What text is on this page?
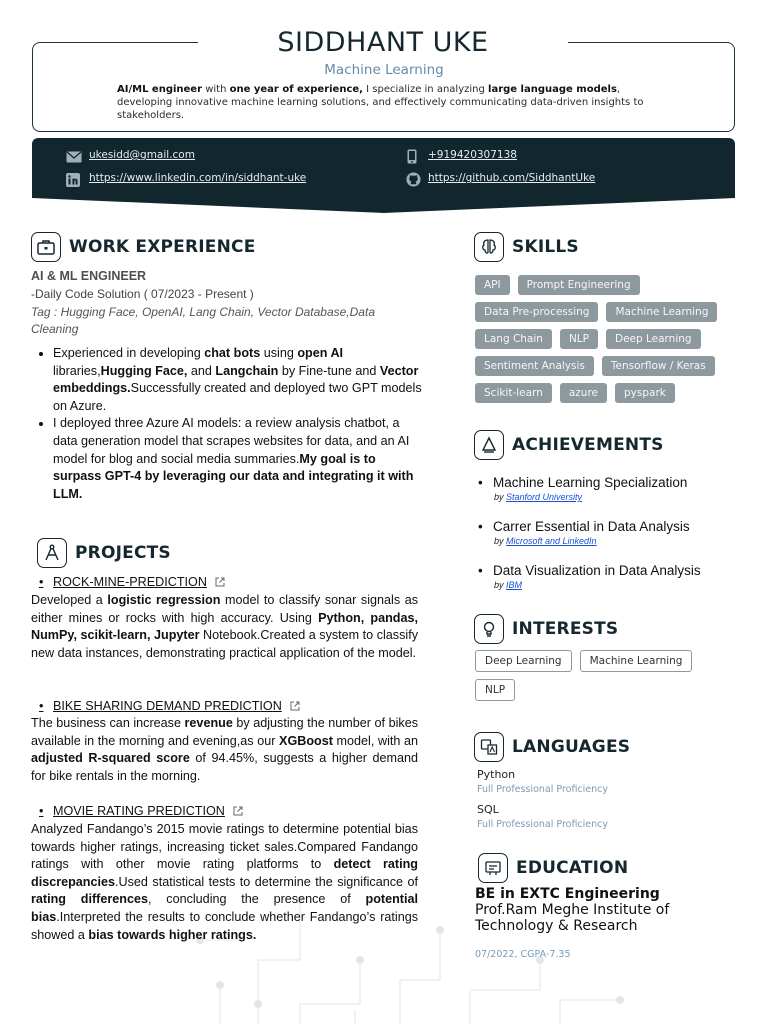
SIDDHANT UKE
Machine Learning
AI/ML engineer with one year of experience, I specialize in analyzing large language models, developing innovative machine learning solutions, and effectively communicating data-driven insights to stakeholders.
ukesidd@gmail.com	+919420307138
https://www.linkedin.com/in/siddhant-uke	https://github.com/SiddhantUke
WORK EXPERIENCE
AI & ML ENGINEER
-Daily Code Solution ( 07/2023 - Present )
Tag : Hugging Face, OpenAI, Lang Chain, Vector Database,Data Cleaning
• Experienced in developing chat bots using open AI libraries,Hugging Face, and Langchain by Fine-tune and Vector embeddings.Successfully created and deployed two GPT models on Azure.
• I deployed three Azure AI models: a review analysis chatbot, a data generation model that scrapes websites for data, and an AI model for blog and social media summaries.My goal is to surpass GPT-4 by leveraging our data and integrating it with LLM.
PROJECTS
• ROCK-MINE-PREDICTION
Developed a logistic regression model to classify sonar signals as either mines or rocks with high accuracy. Using Python, pandas, NumPy, scikit-learn, Jupyter Notebook.Created a system to classify new data instances, demonstrating practical application of the model.
• BIKE SHARING DEMAND PREDICTION
The business can increase revenue by adjusting the number of bikes available in the morning and evening,as our XGBoost model, with an adjusted R-squared score of 94.45%, suggests a higher demand for bike rentals in the morning.
• MOVIE RATING PREDICTION
Analyzed Fandango’s 2015 movie ratings to determine potential bias towards higher ratings, increasing ticket sales.Compared Fandango ratings with other movie rating platforms to detect rating discrepancies.Used statistical tests to determine the significance of rating differences, concluding the presence of potential bias.Interpreted the results to conclude whether Fandango’s ratings showed a bias towards higher ratings.
SKILLS
API	Prompt Engineering
Data Pre-processing	Machine Learning
Lang Chain	NLP	Deep Learning
Sentiment Analysis	Tensorflow / Keras
Scikit-learn	azure	pyspark
ACHIEVEMENTS
• Machine Learning Specialization
by Stanford University
• Carrer Essential in Data Analysis
by Microsoft and LinkedIn
• Data Visualization in Data Analysis
by IBM
INTERESTS
Deep Learning	Machine Learning
NLP
LANGUAGES
Python
Full Professional Proficiency
SQL
Full Professional Proficiency
EDUCATION
BE in EXTC Engineering
Prof.Ram Meghe Institute of Technology & Research
07/2022, CGPA-7.35
